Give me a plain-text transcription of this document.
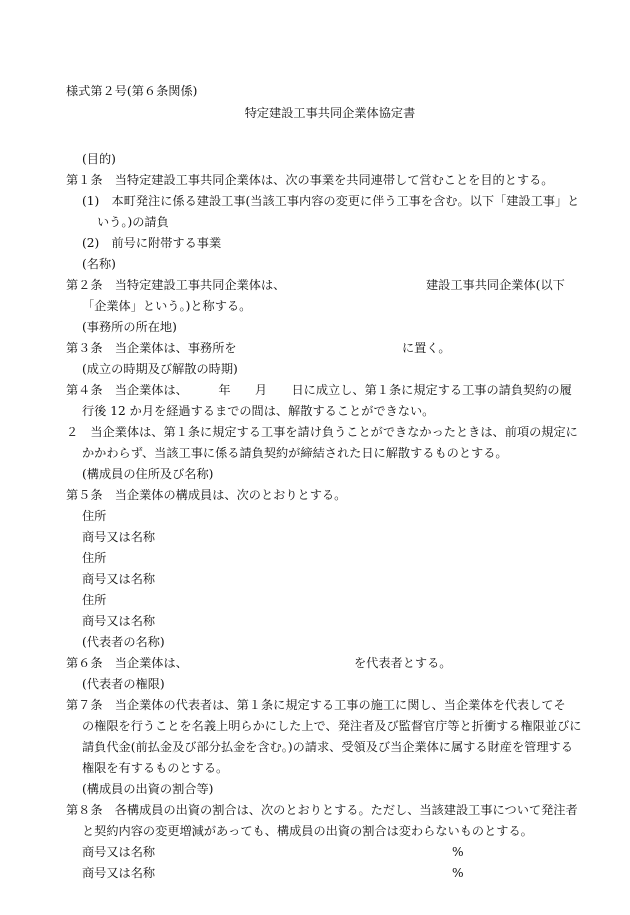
様式第２号(第６条関係)
特定建設工事共同企業体協定書
(目的)
第１条　当特定建設工事共同企業体は、次の事業を共同連帯して営むことを目的とする。
(1)　本町発注に係る建設工事(当該工事内容の変更に伴う工事を含む。以下「建設工事」と
いう。)の請負
(2)　前号に附帯する事業
(名称)
第２条　当特定建設工事共同企業体は、	建設工事共同企業体(以下
「企業体」という。)と称する。
(事務所の所在地)
第３条　当企業体は、事務所を	に置く。
(成立の時期及び解散の時期)
第４条　当企業体は、　　　年　　月　　日に成立し、第１条に規定する工事の請負契約の履
行後 12 か月を経過するまでの間は、解散することができない。
２　当企業体は、第１条に規定する工事を請け負うことができなかったときは、前項の規定に
かかわらず、当該工事に係る請負契約が締結された日に解散するものとする。
(構成員の住所及び名称)
第５条　当企業体の構成員は、次のとおりとする。
住所
商号又は名称
住所
商号又は名称
住所
商号又は名称
(代表者の名称)
第６条　当企業体は、	を代表者とする。
(代表者の権限)
第７条　当企業体の代表者は、第１条に規定する工事の施工に関し、当企業体を代表してそ
の権限を行うことを名義上明らかにした上で、発注者及び監督官庁等と折衝する権限並びに
請負代金(前払金及び部分払金を含む。)の請求、受領及び当企業体に属する財産を管理する
権限を有するものとする。
(構成員の出資の割合等)
第８条　各構成員の出資の割合は、次のとおりとする。ただし、当該建設工事について発注者
と契約内容の変更増減があっても、構成員の出資の割合は変わらないものとする。
商号又は名称	%
商号又は名称	%
